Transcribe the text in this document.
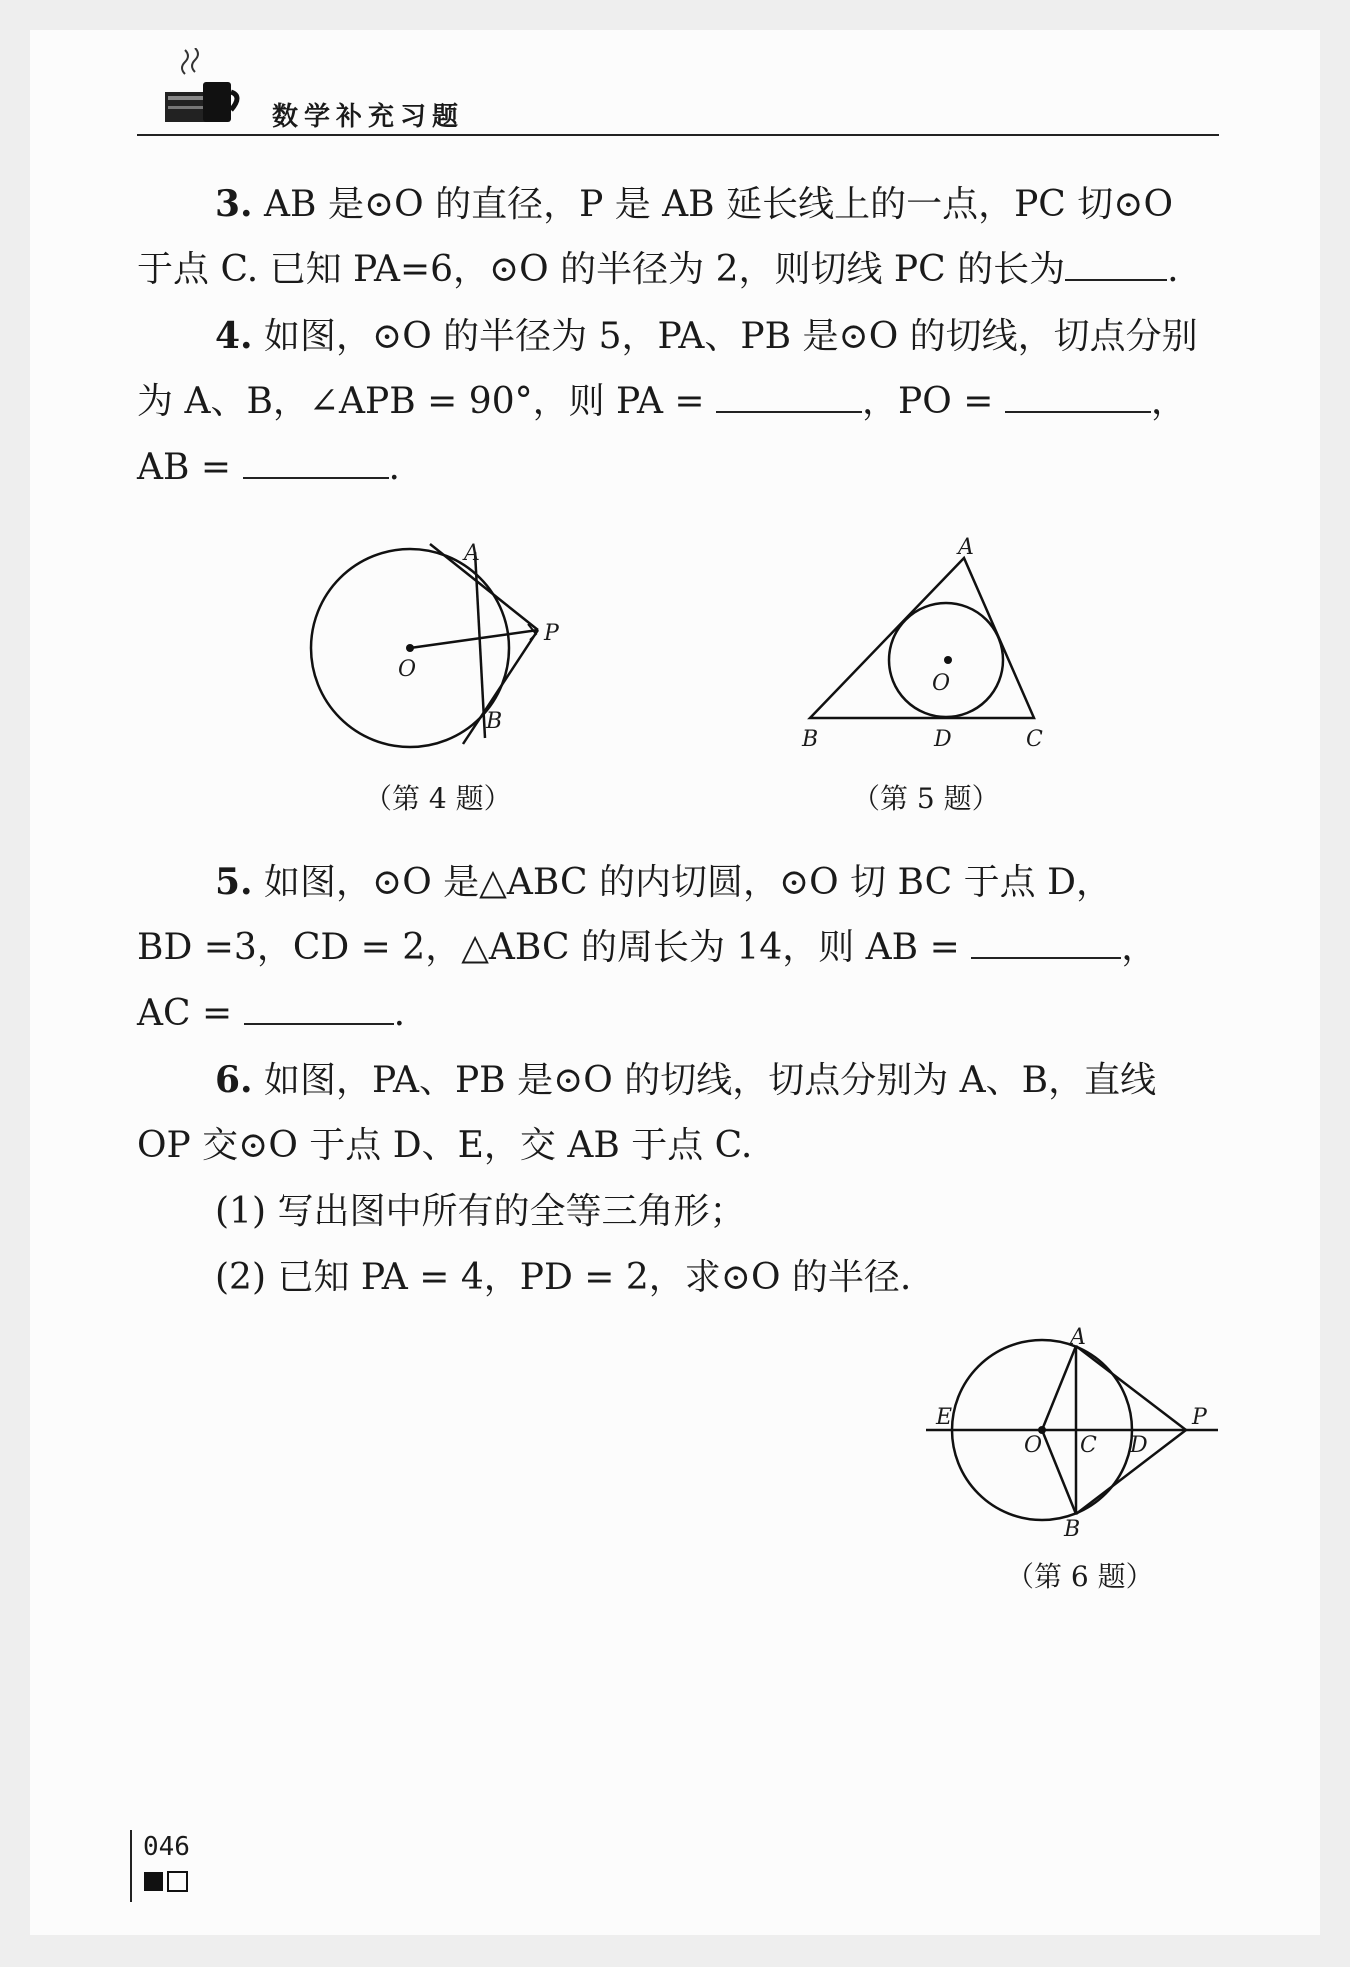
数学补充习题
3. AB 是⊙O 的直径，P 是 AB 延长线上的一点，PC 切⊙O
于点 C. 已知 PA=6，⊙O 的半径为 2，则切线 PC 的长为	.
4. 如图，⊙O 的半径为 5，PA、PB 是⊙O 的切线，切点分别
为 A、B，∠APB = 90°，则 PA =	，PO =	，
AB =	.
A
P
O
B
（第 4 题）
A
O
B	D	C
（第 5 题）
5. 如图，⊙O 是△ABC 的内切圆，⊙O 切 BC 于点 D，
BD =3，CD = 2，△ABC 的周长为 14，则 AB =	，
AC =	.
6. 如图，PA、PB 是⊙O 的切线，切点分别为 A、B，直线
OP 交⊙O 于点 D、E，交 AB 于点 C.
(1) 写出图中所有的全等三角形；
(2) 已知 PA = 4，PD = 2，求⊙O 的半径.
A
E
O C D
P
B
（第 6 题）
046
